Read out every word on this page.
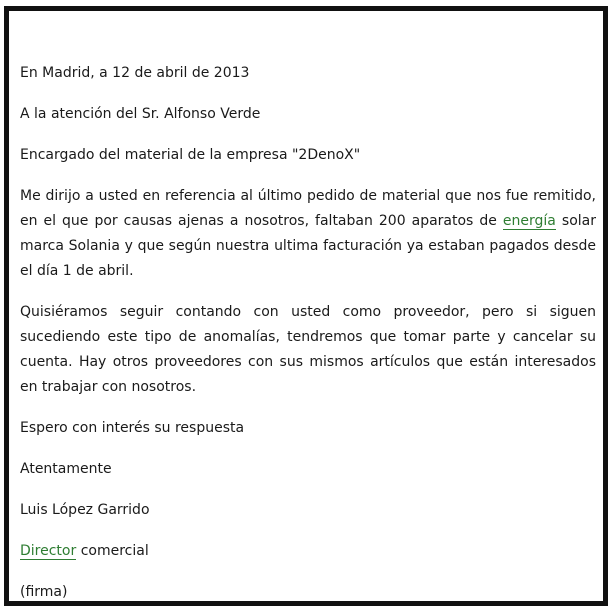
En Madrid, a 12 de abril de 2013

A la atención del Sr. Alfonso Verde

Encargado del material de la empresa "2DenoX"

Me dirijo a usted en referencia al último pedido de material que nos fue remitido, en el que por causas ajenas a nosotros, faltaban 200 aparatos de energía solar marca Solania y que según nuestra ultima facturación ya estaban pagados desde el día 1 de abril.

Quisiéramos seguir contando con usted como proveedor, pero si siguen sucediendo este tipo de anomalías, tendremos que tomar parte y cancelar su cuenta. Hay otros proveedores con sus mismos artículos que están interesados en trabajar con nosotros.

Espero con interés su respuesta

Atentamente

Luis López Garrido

Director comercial

(firma)
